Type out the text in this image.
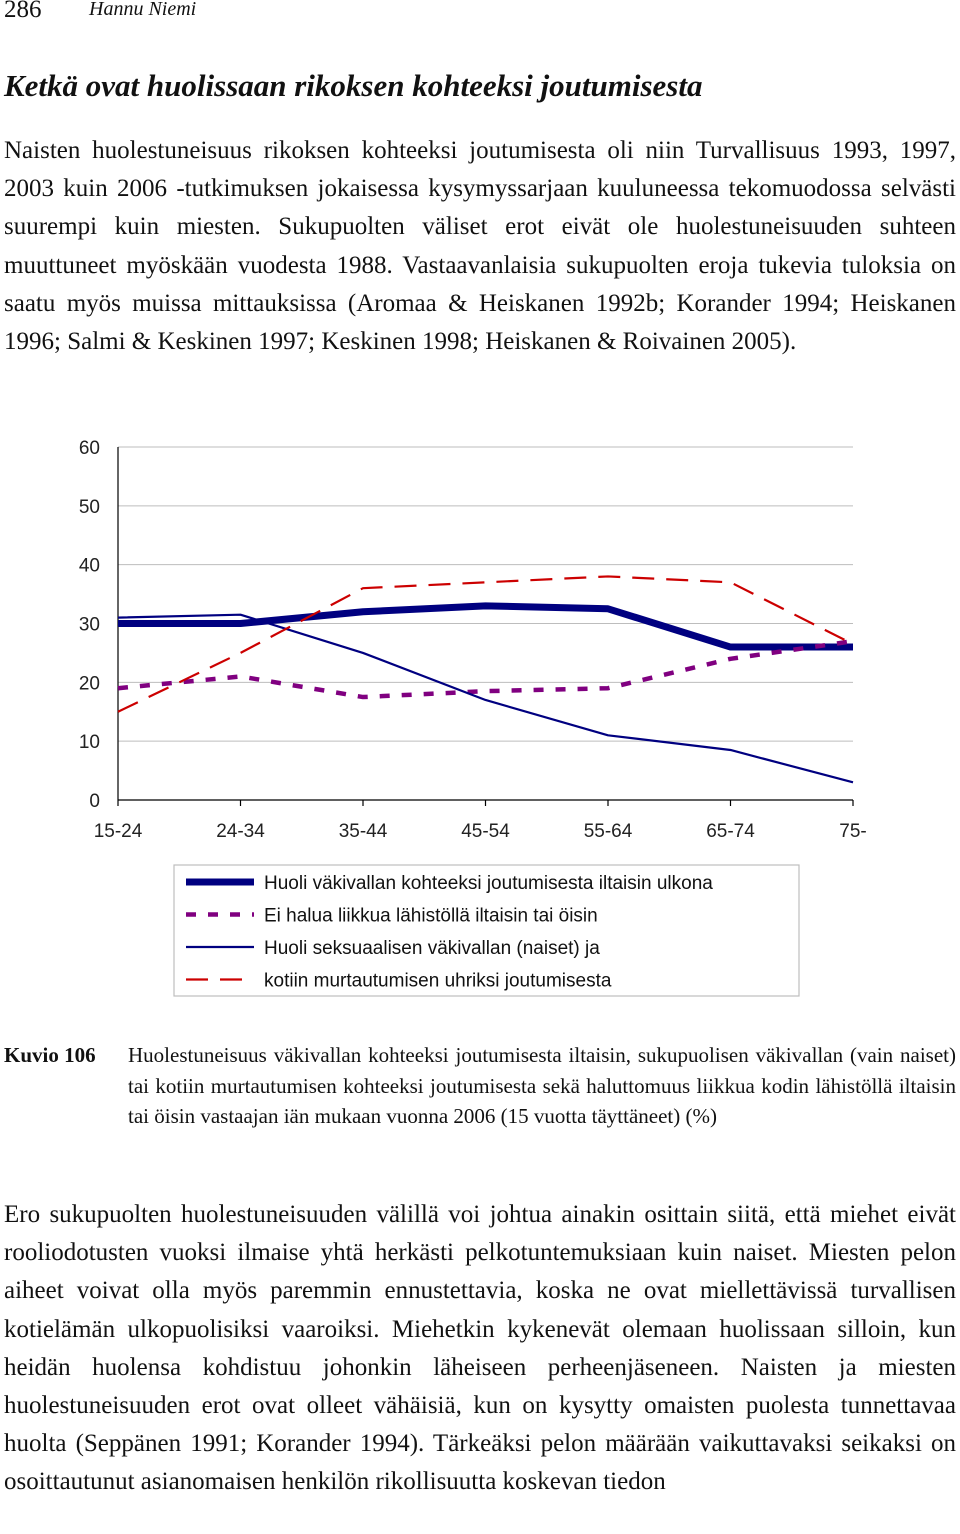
286 Hannu Niemi
Ketkä ovat huolissaan rikoksen kohteeksi joutumisesta

Naisten huolestuneisuus rikoksen kohteeksi joutumisesta oli niin Turvallisuus 1993, 1997, 2003 kuin 2006 -tutkimuksen jokaisessa kysymyssarjaan kuuluneessa tekomuodossa selvästi suurempi kuin miesten. Sukupuolten väliset erot eivät ole huolestuneisuuden suhteen muuttuneet myöskään vuodesta 1988. Vastaavanlaisia sukupuolten eroja tukevia tuloksia on saatu myös muissa mittauksissa (Aromaa & Heiskanen 1992b; Korander 1994; Heiskanen 1996; Salmi & Keskinen 1997; Keskinen 1998; Heiskanen & Roivainen 2005).

0
10
20
30
40
50
60
15-24	24-34	35-44	45-54	55-64	65-74	75-
Huoli väkivallan kohteeksi joutumisesta iltaisin ulkona
Ei halua liikkua lähistöllä iltaisin tai öisin
Huoli seksuaalisen väkivallan (naiset) ja
kotiin murtautumisen uhriksi joutumisesta
Kuvio 106 Huolestuneisuus väkivallan kohteeksi joutumisesta iltaisin, sukupuolisen väkivallan (vain naiset) tai kotiin murtautumisen kohteeksi joutumisesta sekä haluttomuus liikkua kodin lähistöllä iltaisin tai öisin vastaajan iän mukaan vuonna 2006 (15 vuotta täyttäneet) (%)

Ero sukupuolten huolestuneisuuden välillä voi johtua ainakin osittain siitä, että miehet eivät rooliodotusten vuoksi ilmaise yhtä herkästi pelkotuntemuksiaan kuin naiset. Miesten pelon aiheet voivat olla myös paremmin ennustettavia, koska ne ovat miellettävissä turvallisen kotielämän ulkopuolisiksi vaaroiksi. Miehetkin kykenevät olemaan huolissaan silloin, kun heidän huolensa kohdistuu johonkin läheiseen perheenjäseneen. Naisten ja miesten huolestuneisuuden erot ovat olleet vähäisiä, kun on kysytty omaisten puolesta tunnettavaa huolta (Seppänen 1991; Korander 1994). Tärkeäksi pelon määrään vaikuttavaksi seikaksi on osoittautunut asianomaisen henkilön rikollisuutta koskevan tiedon
